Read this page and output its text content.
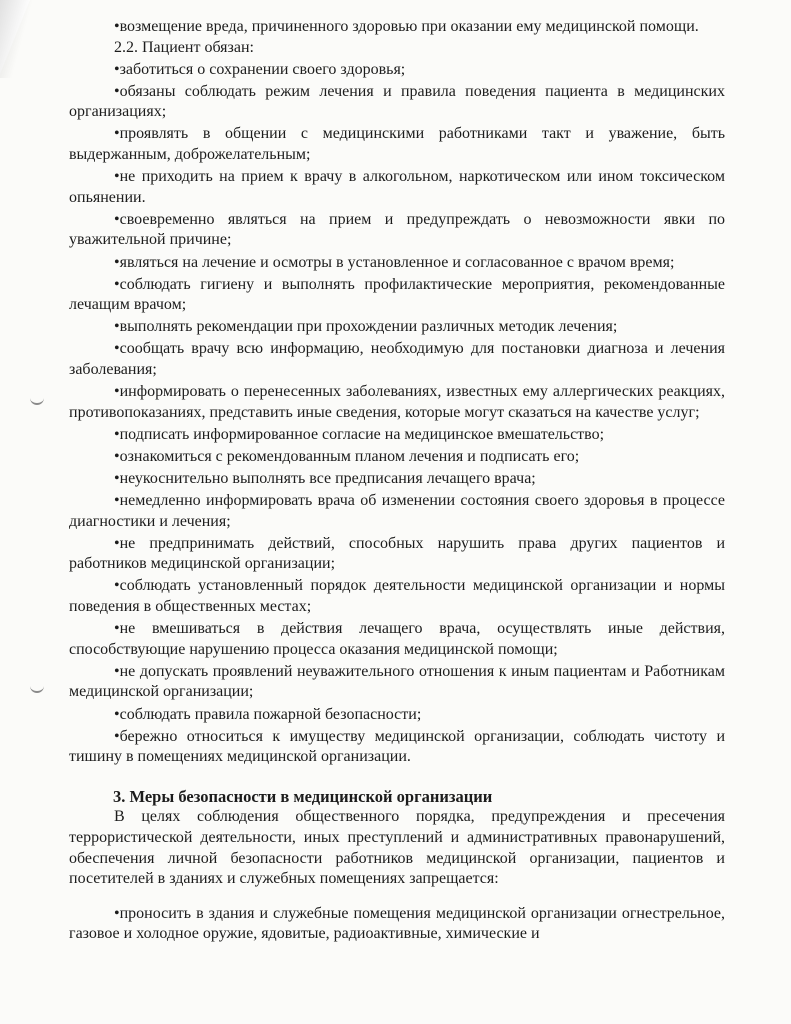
•возмещение вреда, причиненного здоровью при оказании ему медицинской помощи.

2.2. Пациент обязан:

•заботиться о сохранении своего здоровья;

•обязаны соблюдать режим лечения и правила поведения пациента в медицинских организациях;

•проявлять в общении с медицинскими работниками такт и уважение, быть выдержанным, доброжелательным;

•не приходить на прием к врачу в алкогольном, наркотическом или ином токсическом опьянении.

•своевременно являться на прием и предупреждать о невозможности явки по уважительной причине;

•являться на лечение и осмотры в установленное и согласованное с врачом время;

•соблюдать гигиену и выполнять профилактические мероприятия, рекомендованные лечащим врачом;

•выполнять рекомендации при прохождении различных методик лечения;

•сообщать врачу всю информацию, необходимую для постановки диагноза и лечения заболевания;

•информировать о перенесенных заболеваниях, известных ему аллергических реакциях, противопоказаниях, представить иные сведения, которые могут сказаться на качестве услуг;

•подписать информированное согласие на медицинское вмешательство;

•ознакомиться с рекомендованным планом лечения и подписать его;

•неукоснительно выполнять все предписания лечащего врача;

•немедленно информировать врача об изменении состояния своего здоровья в процессе диагностики и лечения;

•не предпринимать действий, способных нарушить права других пациентов и работников медицинской организации;

•соблюдать установленный порядок деятельности медицинской организации и нормы поведения в общественных местах;

•не вмешиваться в действия лечащего врача, осуществлять иные действия, способствующие нарушению процесса оказания медицинской помощи;

•не допускать проявлений неуважительного отношения к иным пациентам и Работникам медицинской организации;

•соблюдать правила пожарной безопасности;

•бережно относиться к имуществу медицинской организации, соблюдать чистоту и тишину в помещениях медицинской организации.

3. Меры безопасности в медицинской организации

В целях соблюдения общественного порядка, предупреждения и пресечения террористической деятельности, иных преступлений и административных правонарушений, обеспечения личной безопасности работников медицинской организации, пациентов и посетителей в зданиях и служебных помещениях запрещается:

•проносить в здания и служебные помещения медицинской организации огнестрельное, газовое и холодное оружие, ядовитые, радиоактивные, химические и
